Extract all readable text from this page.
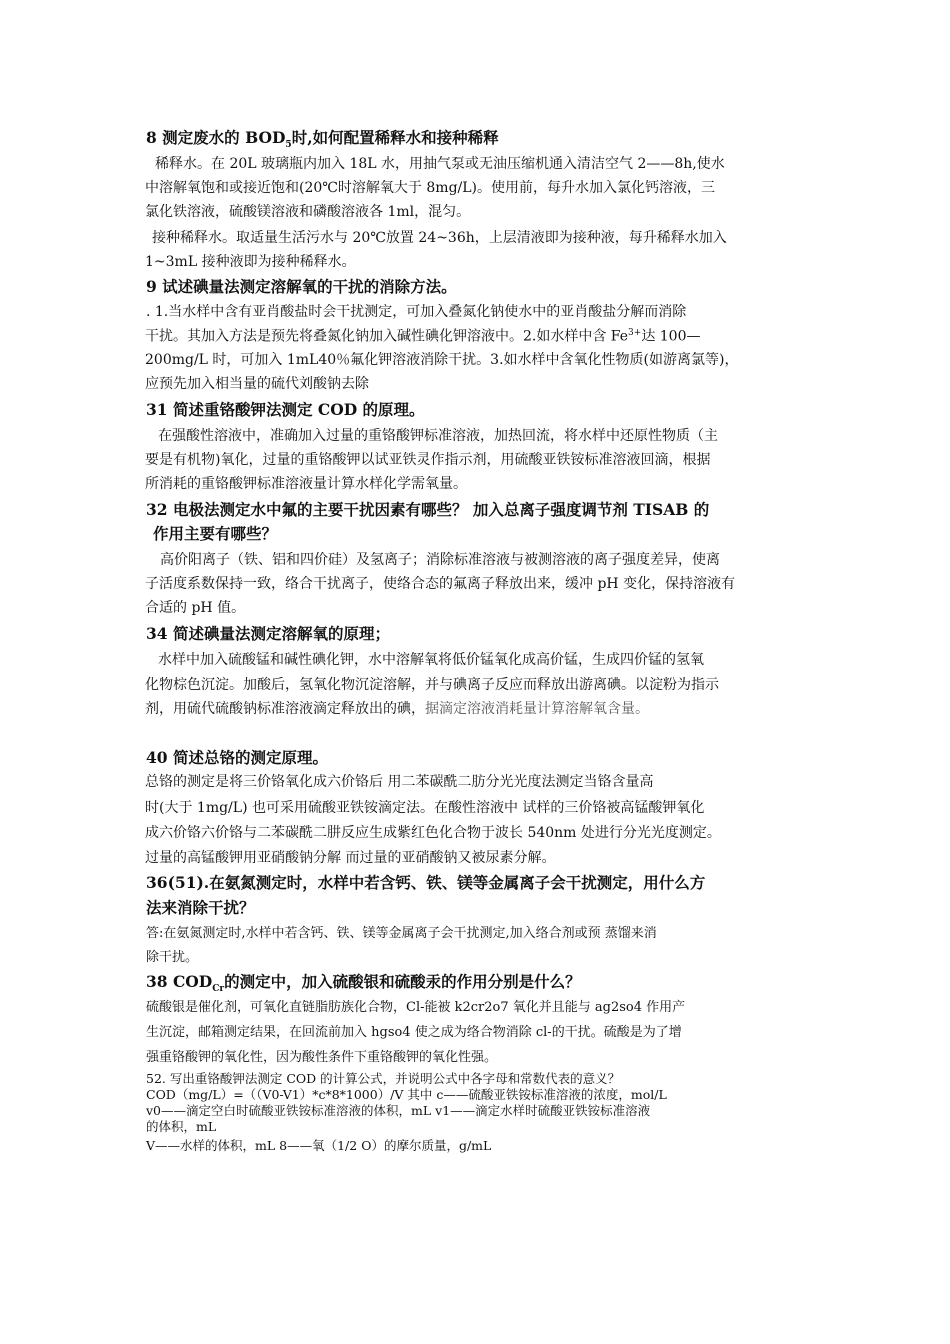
8 测定废水的 $BOD_5$时,如何配置稀释水和接种稀释
稀释水。在 20L 玻璃瓶内加入 18L 水，用抽气泵或无油压缩机通入清洁空气 2——8h,使水
中溶解氧饱和或接近饱和(20℃时溶解氧大于 8mg/L)。使用前，每升水加入氯化钙溶液，三
氯化铁溶液，硫酸镁溶液和磷酸溶液各 1ml，混匀。
接种稀释水。取适量生活污水与 20℃放置 24~36h，上层清液即为接种液，每升稀释水加入
1~3mL 接种液即为接种稀释水。
9 试述碘量法测定溶解氧的干扰的消除方法。
. 1.当水样中含有亚肖酸盐时会干扰测定，可加入叠氮化钠使水中的亚肖酸盐分解而消除
干扰。其加入方法是预先将叠氮化钠加入碱性碘化钾溶液中。2.如水样中含 $Fe^{3+}$达 100—
200mg/L 时，可加入 1mL40％氟化钾溶液消除干扰。3.如水样中含氧化性物质(如游离氯等)，
应预先加入相当量的硫代刘酸钠去除
31 简述重铬酸钾法测定 COD 的原理。
在强酸性溶液中，准确加入过量的重铬酸钾标准溶液，加热回流，将水样中还原性物质（主
要是有机物)氧化，过量的重铬酸钾以试亚铁灵作指示剂，用硫酸亚铁铵标准溶液回滴，根据
所消耗的重铬酸钾标准溶液量计算水样化学需氧量。
32 电极法测定水中氟的主要干扰因素有哪些？ 加入总离子强度调节剂 TISAB 的
作用主要有哪些？
高价阳离子（铁、铝和四价硅）及氢离子；消除标准溶液与被测溶液的离子强度差异，使离
子活度系数保持一致，络合干扰离子，使络合态的氟离子释放出来，缓冲 pH 变化，保持溶液有
合适的 pH 值。
34 简述碘量法测定溶解氧的原理；
水样中加入硫酸锰和碱性碘化钾，水中溶解氧将低价锰氧化成高价锰，生成四价锰的氢氧
化物棕色沉淀。加酸后，氢氧化物沉淀溶解，并与碘离子反应而释放出游离碘。以淀粉为指示
剂，用硫代硫酸钠标准溶液滴定释放出的碘，据滴定溶液消耗量计算溶解氧含量。
40 简述总铬的测定原理。
总铬的测定是将三价铬氧化成六价铬后 用二苯碳酰二肪分光光度法测定当铬含量高
时(大于 1mg/L) 也可采用硫酸亚铁铵滴定法。在酸性溶液中 试样的三价铬被高锰酸钾氧化
成六价铬六价铬与二苯碳酰二肼反应生成紫红色化合物于波长 540nm 处进行分光光度测定。
过量的高锰酸钾用亚硝酸钠分解 而过量的亚硝酸钠又被尿素分解。
36(51).在氨氮测定时，水样中若含钙、铁、镁等金属离子会干扰测定，用什么方
法来消除干扰？
答:在氨氮测定时,水样中若含钙、铁、镁等金属离子会干扰测定,加入络合剂或预 蒸馏来消
除干扰。
38 $COD_{Cr}$的测定中，加入硫酸银和硫酸汞的作用分别是什么？
硫酸银是催化剂，可氧化直链脂肪族化合物，Cl-能被 k2cr2o7 氧化并且能与 ag2so4 作用产
生沉淀，邮箱测定结果，在回流前加入 hgso4 使之成为络合物消除 cl-的干扰。硫酸是为了增
强重铬酸钾的氧化性，因为酸性条件下重铬酸钾的氧化性强。
52. 写出重铬酸钾法测定 COD 的计算公式，并说明公式中各字母和常数代表的意义？
COD（mg/L）=（（V0-V1）*c*8*1000）/V 其中 c——硫酸亚铁铵标准溶液的浓度，mol/L
v0——滴定空白时硫酸亚铁铵标准溶液的体积，mL v1——滴定水样时硫酸亚铁铵标准溶液
的体积，mL
V——水样的体积，mL 8——氧（1/2 O）的摩尔质量，g/mL
